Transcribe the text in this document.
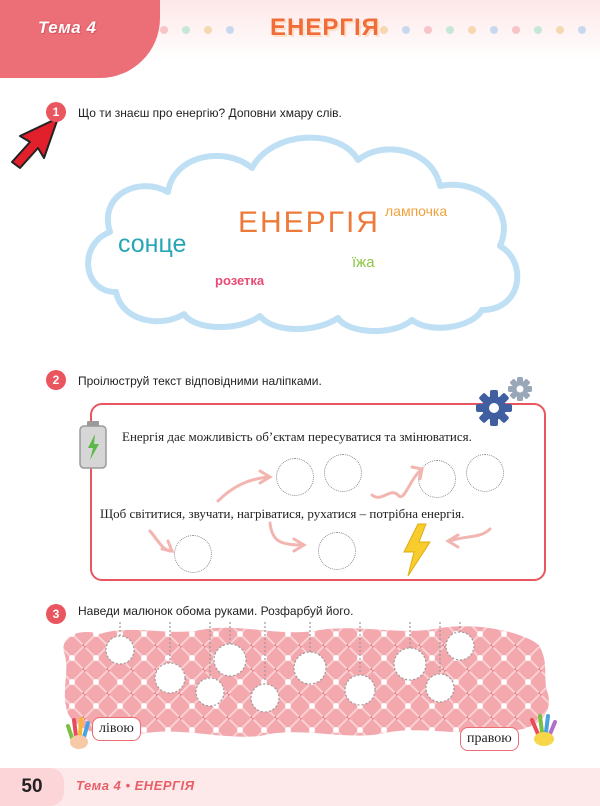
Тема 4	ЕНЕРГІЯ
1	Що ти знаєш про енергію? Доповни хмару слів.
ЕНЕРГІЯ
сонце
лампочка
їжа
розетка
2	Проілюструй текст відповідними наліпками.
Енергія дає можливість об’єктам пересуватися та змінюватися.
Щоб світитися, звучати, нагріватися, рухатися – потрібна енергія.
3	Наведи малюнок обома руками. Розфарбуй його.
лівою
правою
50	Тема 4 • ЕНЕРГІЯ
